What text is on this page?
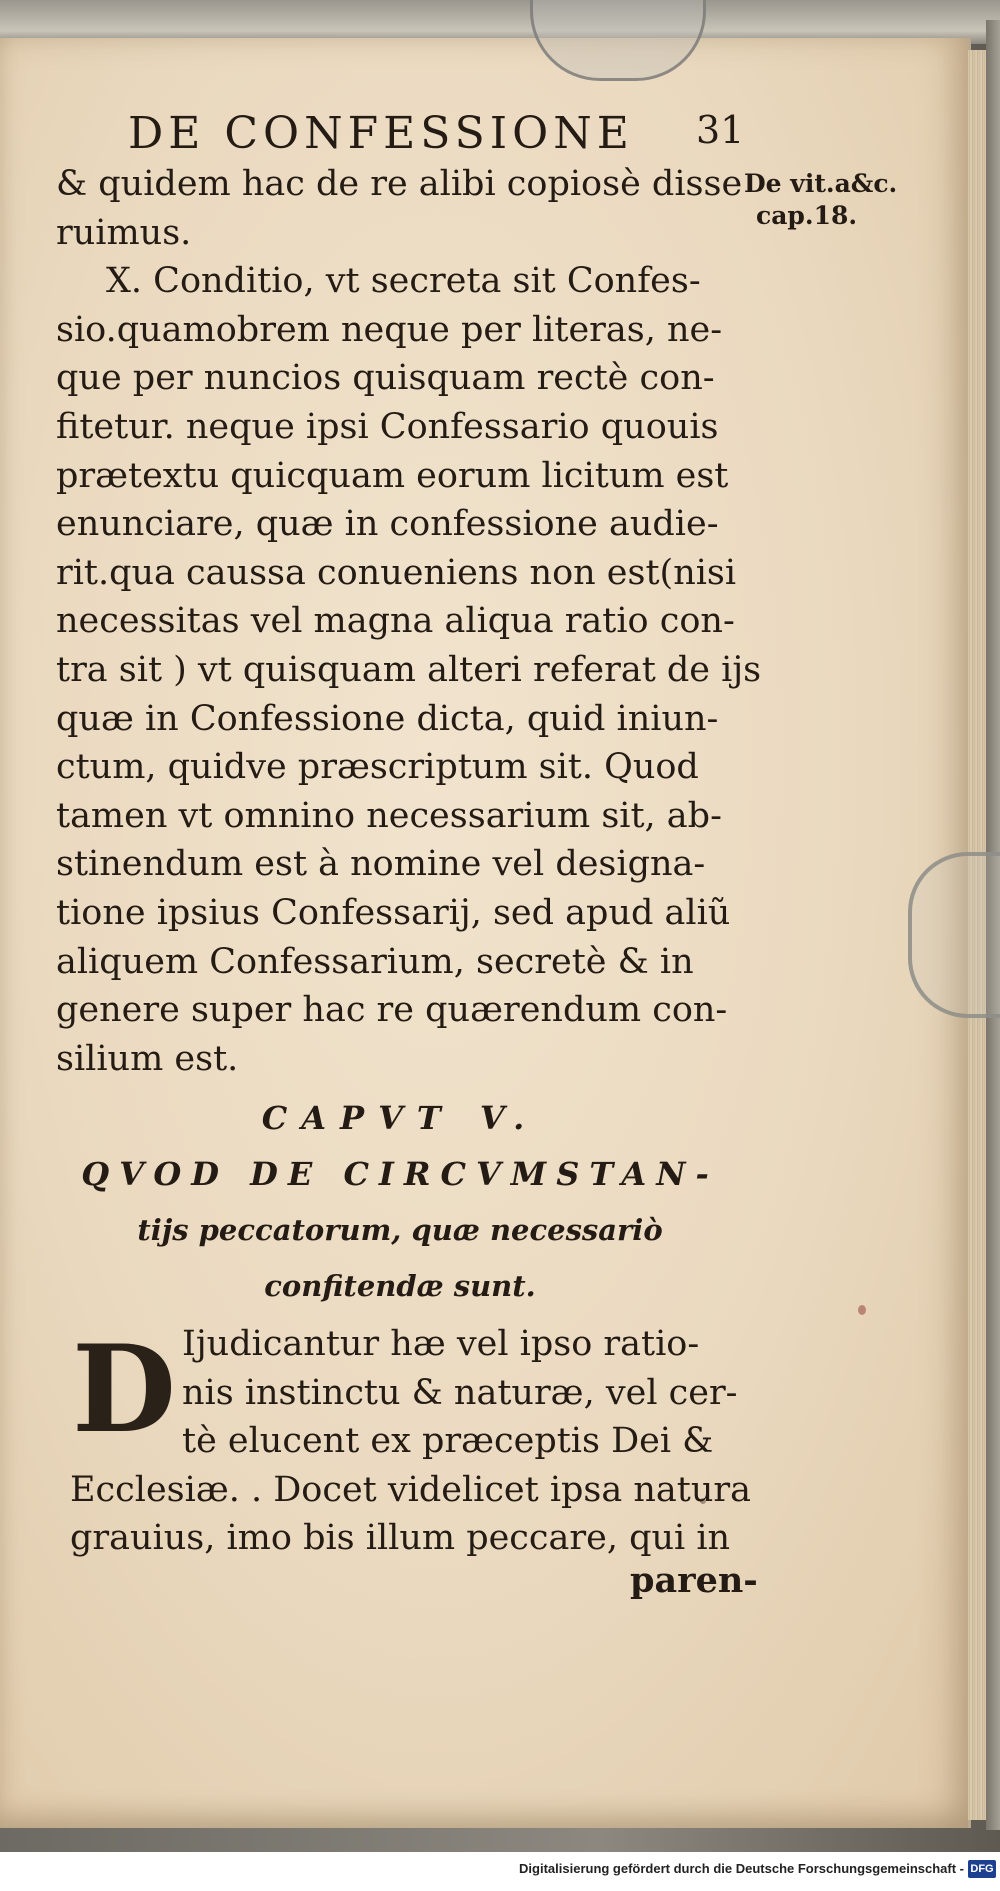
DE CONFESSIONE 31
De vit.a&c.
cap.18.
& quidem hac de re alibi copiosè disse
ruimus.
X. Conditio, vt secreta sit Confes-
sio.quamobrem neque per literas, ne-
que per nuncios quisquam rectè con-
fitetur. neque ipsi Confessario quouis
prætextu quicquam eorum licitum est
enunciare, quæ in confessione audie-
rit.qua caussa conueniens non est(nisi
necessitas vel magna aliqua ratio con-
tra sit ) vt quisquam alteri referat de ijs
quæ in Confessione dicta, quid iniun-
ctum, quidve præscriptum sit. Quod
tamen vt omnino necessarium sit, ab-
stinendum est à nomine vel designa-
tione ipsius Confessarij, sed apud aliũ
aliquem Confessarium, secretè & in
genere super hac re quærendum con-
silium est.
CAPVT V.
QVOD DE CIRCVMSTAN-
tijs peccatorum, quæ necessariò
confitendæ sunt.
D Ijudicantur hæ vel ipso ratio-
nis instinctu & naturæ, vel cer-
tè elucent ex præceptis Dei &
Ecclesiæ. . Docet videlicet ipsa natura
grauius, imo bis illum peccare, qui in
paren-
Digitalisierung gefördert durch die Deutsche Forschungsgemeinschaft - DFG
